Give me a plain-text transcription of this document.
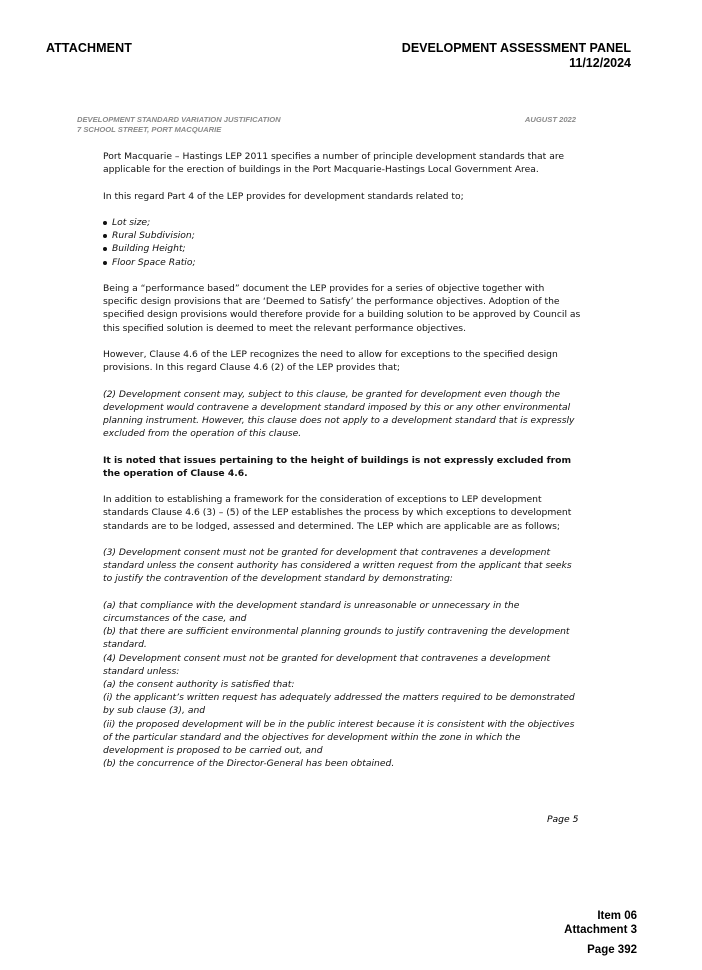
ATTACHMENT	DEVELOPMENT ASSESSMENT PANEL
11/12/2024
DEVELOPMENT STANDARD VARIATION JUSTIFICATION
7 SCHOOL STREET, PORT MACQUARIE
AUGUST 2022

Port Macquarie – Hastings LEP 2011 specifies a number of principle development standards that are applicable for the erection of buildings in the Port Macquarie-Hastings Local Government Area.

In this regard Part 4 of the LEP provides for development standards related to;

Lot size;
Rural Subdivision;
Building Height;
Floor Space Ratio;

Being a “performance based” document the LEP provides for a series of objective together with specific design provisions that are ‘Deemed to Satisfy’ the performance objectives. Adoption of the specified design provisions would therefore provide for a building solution to be approved by Council as this specified solution is deemed to meet the relevant performance objectives.

However, Clause 4.6 of the LEP recognizes the need to allow for exceptions to the specified design provisions. In this regard Clause 4.6 (2) of the LEP provides that;

(2) Development consent may, subject to this clause, be granted for development even though the development would contravene a development standard imposed by this or any other environmental planning instrument. However, this clause does not apply to a development standard that is expressly excluded from the operation of this clause.

It is noted that issues pertaining to the height of buildings is not expressly excluded from the operation of Clause 4.6.

In addition to establishing a framework for the consideration of exceptions to LEP development standards Clause 4.6 (3) – (5) of the LEP establishes the process by which exceptions to development standards are to be lodged, assessed and determined. The LEP which are applicable are as follows;

(3) Development consent must not be granted for development that contravenes a development standard unless the consent authority has considered a written request from the applicant that seeks to justify the contravention of the development standard by demonstrating:

(a) that compliance with the development standard is unreasonable or unnecessary in the circumstances of the case, and
(b) that there are sufficient environmental planning grounds to justify contravening the development standard.
(4) Development consent must not be granted for development that contravenes a development standard unless:
(a) the consent authority is satisfied that:
(i) the applicant’s written request has adequately addressed the matters required to be demonstrated by sub clause (3), and
(ii) the proposed development will be in the public interest because it is consistent with the objectives of the particular standard and the objectives for development within the zone in which the development is proposed to be carried out, and
(b) the concurrence of the Director-General has been obtained.

Page 5
Item 06
Attachment 3
Page 392
